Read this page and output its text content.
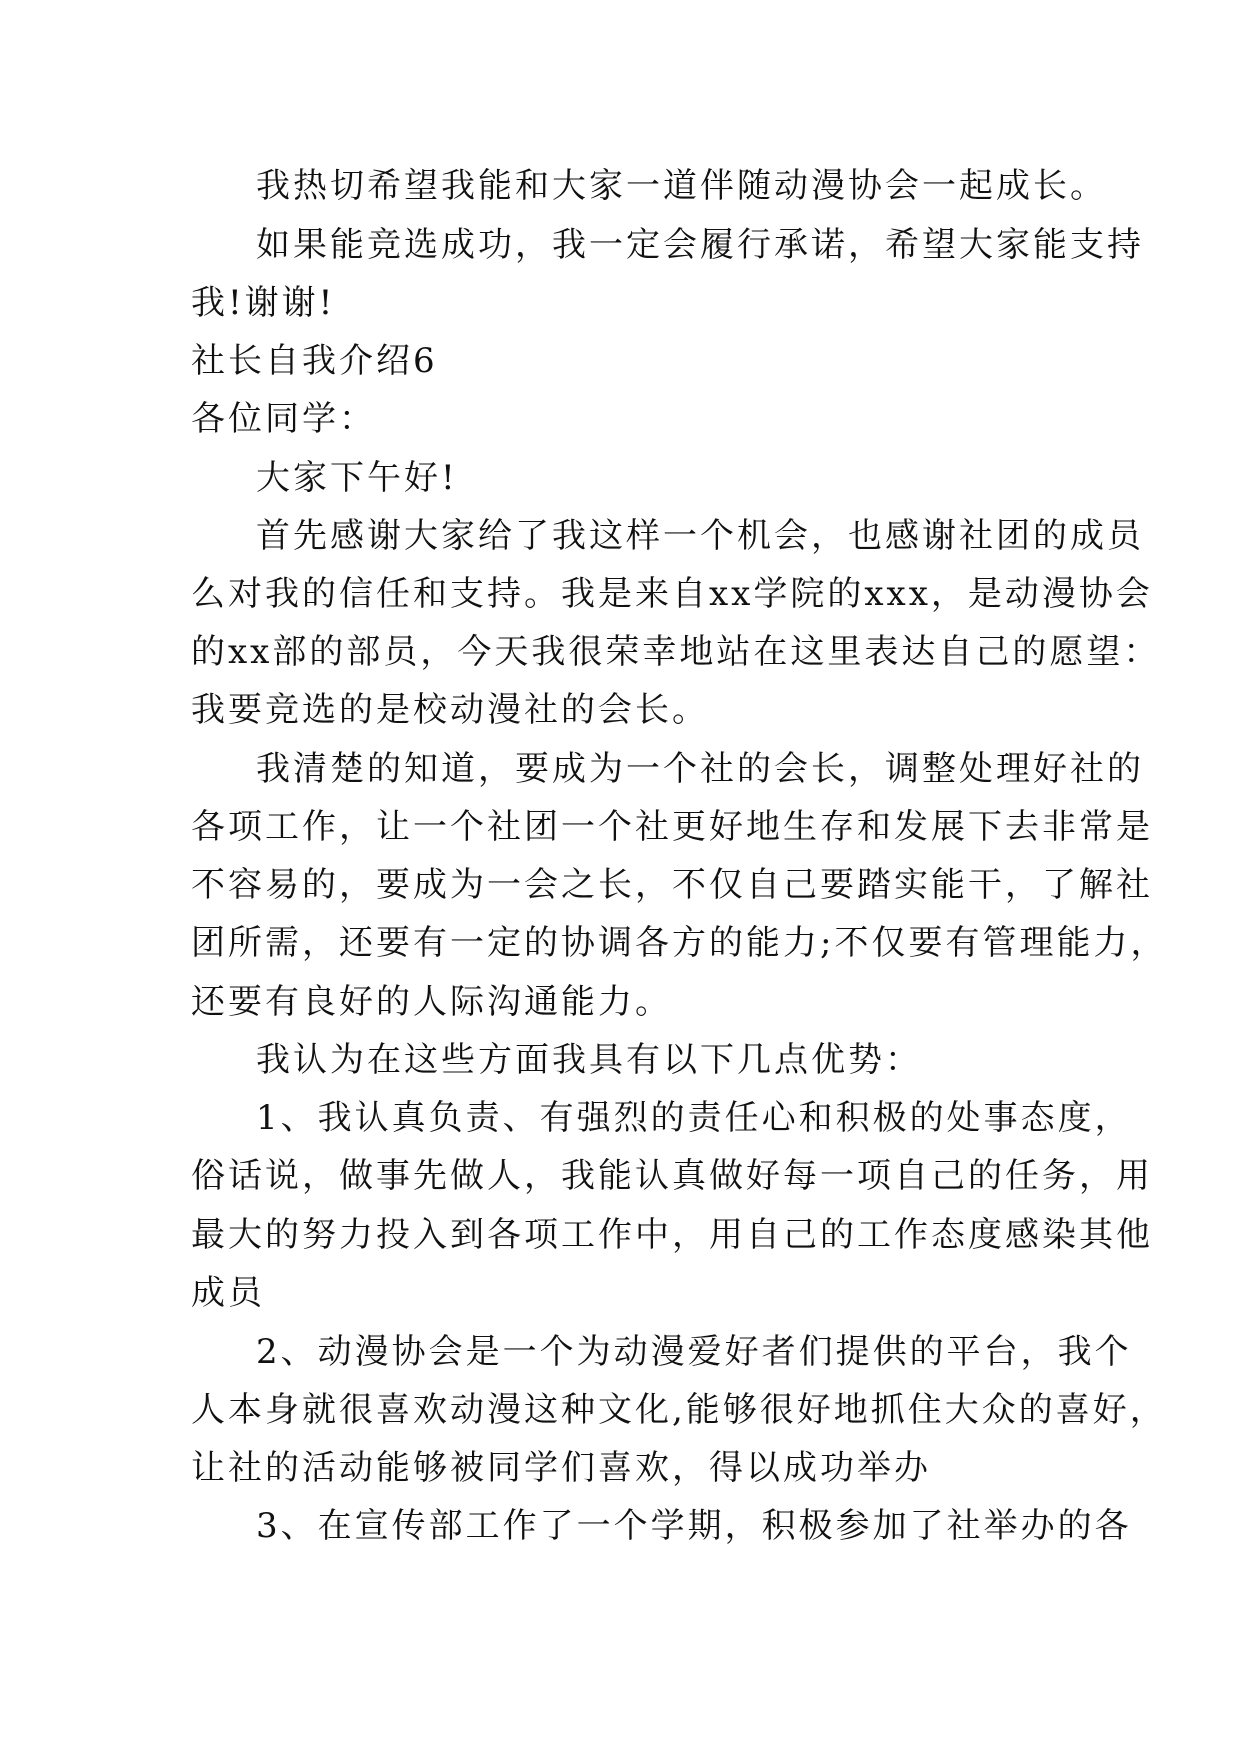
我热切希望我能和大家一道伴随动漫协会一起成长。
如果能竞选成功，我一定会履行承诺，希望大家能支持
我!谢谢!
社长自我介绍6
各位同学：
大家下午好!
首先感谢大家给了我这样一个机会，也感谢社团的成员
么对我的信任和支持。我是来自xx学院的xxx，是动漫协会
的xx部的部员，今天我很荣幸地站在这里表达自己的愿望：
我要竞选的是校动漫社的会长。
我清楚的知道，要成为一个社的会长，调整处理好社的
各项工作，让一个社团一个社更好地生存和发展下去非常是
不容易的，要成为一会之长，不仅自己要踏实能干，了解社
团所需，还要有一定的协调各方的能力;不仅要有管理能力，
还要有良好的人际沟通能力。
我认为在这些方面我具有以下几点优势：
1、我认真负责、有强烈的责任心和积极的处事态度，
俗话说，做事先做人，我能认真做好每一项自己的任务，用
最大的努力投入到各项工作中，用自己的工作态度感染其他
成员
2、动漫协会是一个为动漫爱好者们提供的平台，我个
人本身就很喜欢动漫这种文化,能够很好地抓住大众的喜好，
让社的活动能够被同学们喜欢，得以成功举办
3、在宣传部工作了一个学期，积极参加了社举办的各
